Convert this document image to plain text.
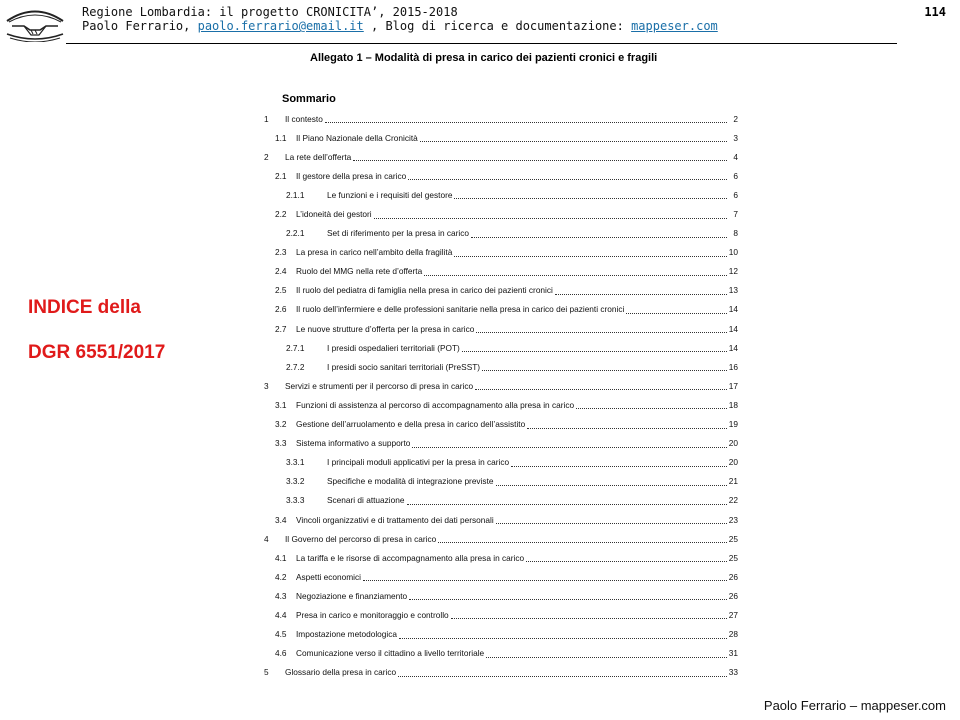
Regione Lombardia: il progetto CRONICITA’, 2015-2018
Paolo Ferrario, paolo.ferrario@email.it , Blog di ricerca e documentazione: mappeser.com
114
Allegato 1 – Modalità di presa in carico dei pazienti cronici e fragili
Sommario
1	Il contesto	2
1.1	Il Piano Nazionale della Cronicità	3
2	La rete dell’offerta	4
2.1	Il gestore della presa in carico	6
2.1.1	Le funzioni e i requisiti del gestore	6
2.2	L’idoneità dei gestori	7
2.2.1	Set di riferimento per la presa in carico	8
2.3	La presa in carico nell’ambito della fragilità	10
2.4	Ruolo del MMG nella rete d’offerta	12
2.5	Il ruolo del pediatra di famiglia nella presa in carico dei pazienti cronici	13
2.6	Il ruolo dell’infermiere e delle professioni sanitarie nella presa in carico dei pazienti cronici	14
2.7	Le nuove strutture d’offerta per la presa in carico	14
2.7.1	I presidi ospedalieri territoriali (POT)	14
2.7.2	I presidi socio sanitari territoriali (PreSST)	16
3	Servizi e strumenti per il percorso di presa in carico	17
3.1	Funzioni di assistenza al percorso di accompagnamento alla presa in carico	18
3.2	Gestione dell’arruolamento e della presa in carico dell’assistito	19
3.3	Sistema informativo a supporto	20
3.3.1	I principali moduli applicativi per la presa in carico	20
3.3.2	Specifiche e modalità di integrazione previste	21
3.3.3	Scenari di attuazione	22
3.4	Vincoli organizzativi e di trattamento dei dati personali	23
4	Il Governo del percorso di presa in carico	25
4.1	La tariffa e le risorse di accompagnamento alla presa in carico	25
4.2	Aspetti economici	26
4.3	Negoziazione e finanziamento	26
4.4	Presa in carico e monitoraggio e controllo	27
4.5	Impostazione metodologica	28
4.6	Comunicazione verso il cittadino a livello territoriale	31
5	Glossario della presa in carico	33
INDICE della
DGR 6551/2017
Paolo Ferrario – mappeser.com
